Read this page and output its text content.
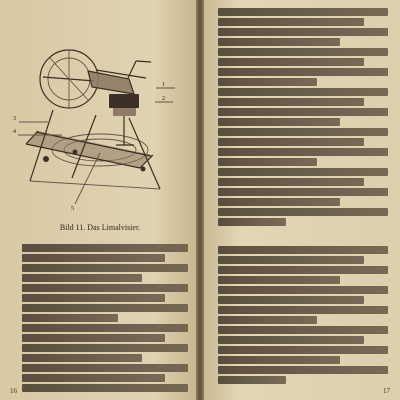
1
2
3
4
5
Bild 11. Das Limalvisier.
16	17
